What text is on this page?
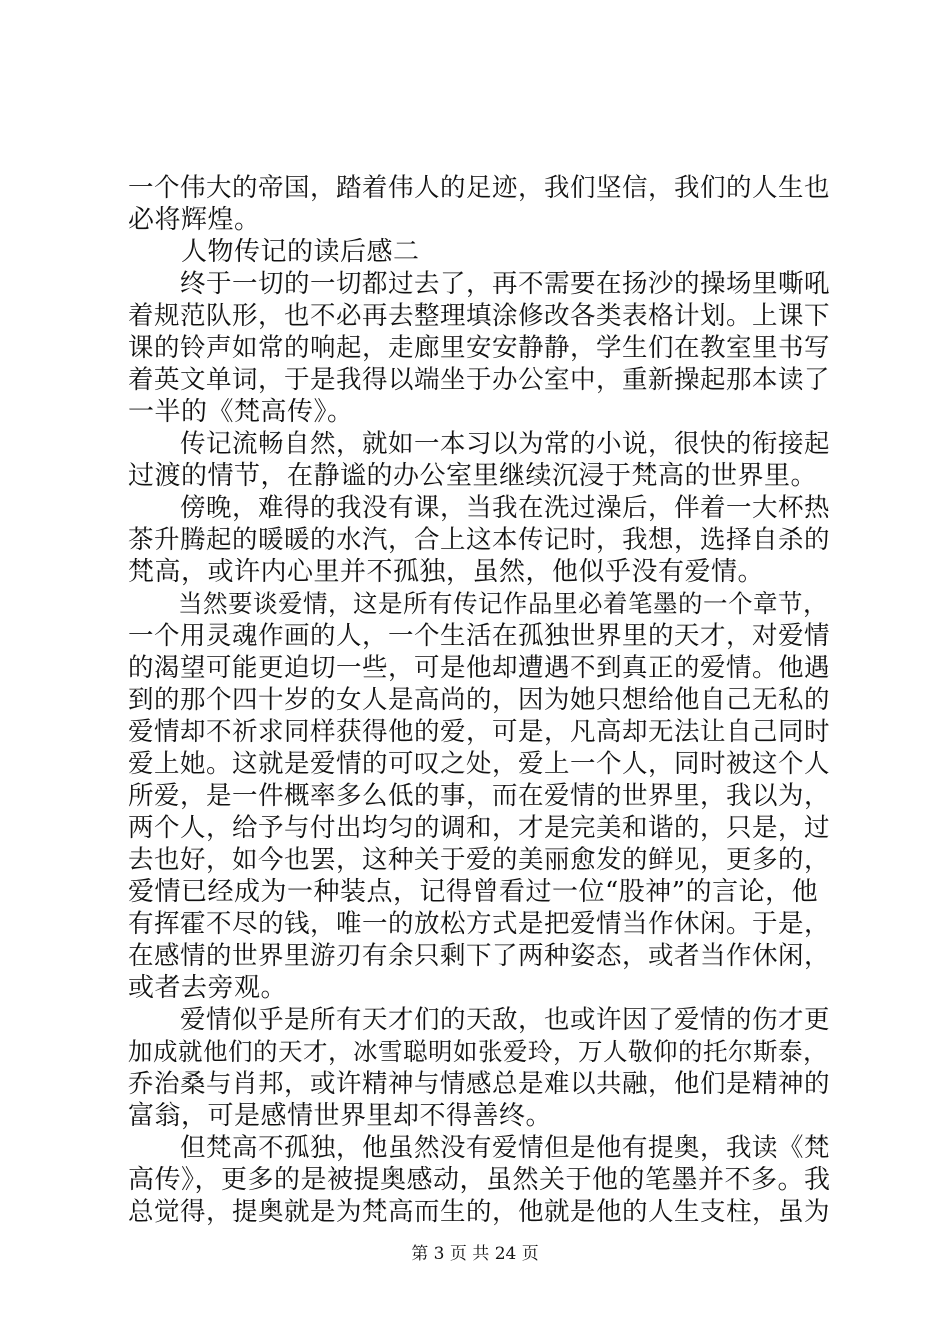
一个伟大的帝国，踏着伟人的足迹，我们坚信，我们的人生也
必将辉煌。
　　人物传记的读后感二
　　终于一切的一切都过去了，再不需要在扬沙的操场里嘶吼
着规范队形，也不必再去整理填涂修改各类表格计划。上课下
课的铃声如常的响起，走廊里安安静静，学生们在教室里书写
着英文单词，于是我得以端坐于办公室中，重新操起那本读了
一半的《梵高传》。
　　传记流畅自然，就如一本习以为常的小说，很快的衔接起
过渡的情节，在静谧的办公室里继续沉浸于梵高的世界里。
　　傍晚，难得的我没有课，当我在洗过澡后，伴着一大杯热
茶升腾起的暖暖的水汽，合上这本传记时，我想，选择自杀的
梵高，或许内心里并不孤独，虽然，他似乎没有爱情。
　　当然要谈爱情，这是所有传记作品里必着笔墨的一个章节，
一个用灵魂作画的人，一个生活在孤独世界里的天才，对爱情
的渴望可能更迫切一些，可是他却遭遇不到真正的爱情。他遇
到的那个四十岁的女人是高尚的，因为她只想给他自己无私的
爱情却不祈求同样获得他的爱，可是，凡高却无法让自己同时
爱上她。这就是爱情的可叹之处，爱上一个人，同时被这个人
所爱，是一件概率多么低的事，而在爱情的世界里，我以为，
两个人，给予与付出均匀的调和，才是完美和谐的，只是，过
去也好，如今也罢，这种关于爱的美丽愈发的鲜见，更多的，
爱情已经成为一种装点，记得曾看过一位“股神”的言论，他
有挥霍不尽的钱，唯一的放松方式是把爱情当作休闲。于是，
在感情的世界里游刃有余只剩下了两种姿态，或者当作休闲，
或者去旁观。
　　爱情似乎是所有天才们的天敌，也或许因了爱情的伤才更
加成就他们的天才，冰雪聪明如张爱玲，万人敬仰的托尔斯泰，
乔治桑与肖邦，或许精神与情感总是难以共融，他们是精神的
富翁，可是感情世界里却不得善终。
　　但梵高不孤独，他虽然没有爱情但是他有提奥，我读《梵
高传》，更多的是被提奥感动，虽然关于他的笔墨并不多。我
总觉得，提奥就是为梵高而生的，他就是他的人生支柱，虽为
第 3 页 共 24 页
